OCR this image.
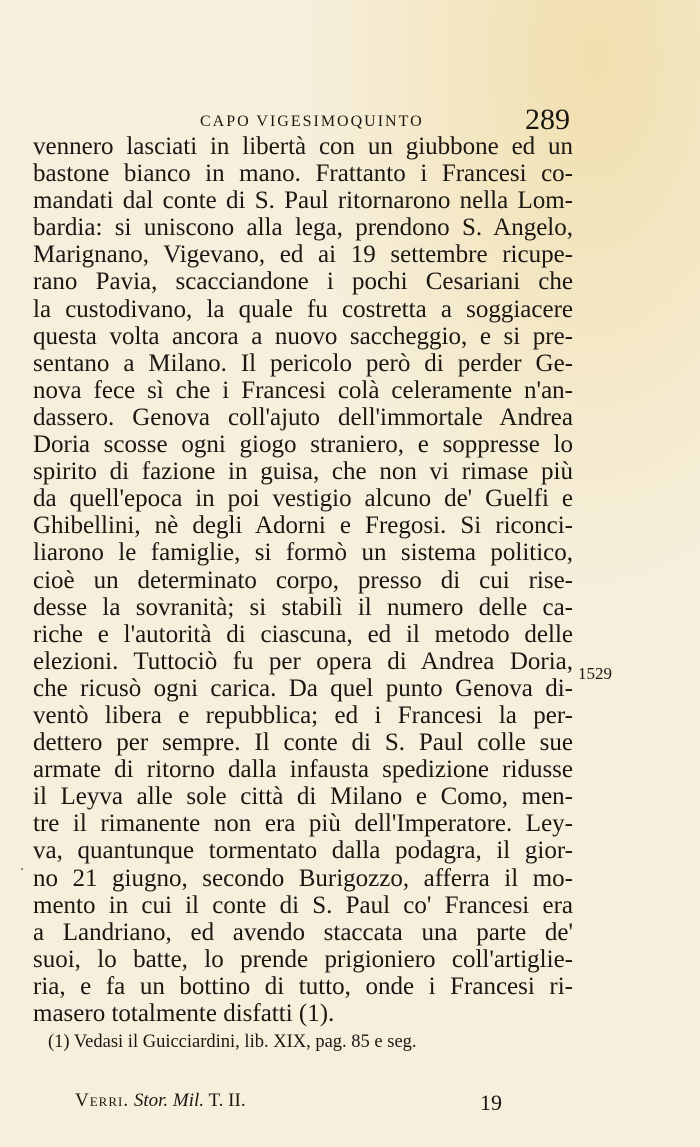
CAPO VIGESIMOQUINTO	289
vennero lasciati in libertà con un giubbone ed un
bastone bianco in mano. Frattanto i Francesi co-
mandati dal conte di S. Paul ritornarono nella Lom-
bardia: si uniscono alla lega, prendono S. Angelo,
Marignano, Vigevano, ed ai 19 settembre ricupe-
rano Pavia, scacciandone i pochi Cesariani che
la custodivano, la quale fu costretta a soggiacere
questa volta ancora a nuovo saccheggio, e si pre-
sentano a Milano. Il pericolo però di perder Ge-
nova fece sì che i Francesi colà celeramente n'an-
dassero. Genova coll'ajuto dell'immortale Andrea
Doria scosse ogni giogo straniero, e soppresse lo
spirito di fazione in guisa, che non vi rimase più
da quell'epoca in poi vestigio alcuno de' Guelfi e
Ghibellini, nè degli Adorni e Fregosi. Si riconci-
liarono le famiglie, si formò un sistema politico,
cioè un determinato corpo, presso di cui rise-
desse la sovranità; si stabilì il numero delle ca-
riche e l'autorità di ciascuna, ed il metodo delle
elezioni. Tuttociò fu per opera di Andrea Doria,
che ricusò ogni carica. Da quel punto Genova di-
ventò libera e repubblica; ed i Francesi la per-
dettero per sempre. Il conte di S. Paul colle sue
armate di ritorno dalla infausta spedizione ridusse
il Leyva alle sole città di Milano e Como, men-
tre il rimanente non era più dell'Imperatore. Ley-
va, quantunque tormentato dalla podagra, il gior-
no 21 giugno, secondo Burigozzo, afferra il mo-
mento in cui il conte di S. Paul co' Francesi era
a Landriano, ed avendo staccata una parte de'
suoi, lo batte, lo prende prigioniero coll'artiglie-
ria, e fa un bottino di tutto, onde i Francesi ri-
masero totalmente disfatti (1).
1529
.
(1) Vedasi il Guicciardini, lib. XIX, pag. 85 e seg.
Verri. Stor. Mil. T. II.	19
